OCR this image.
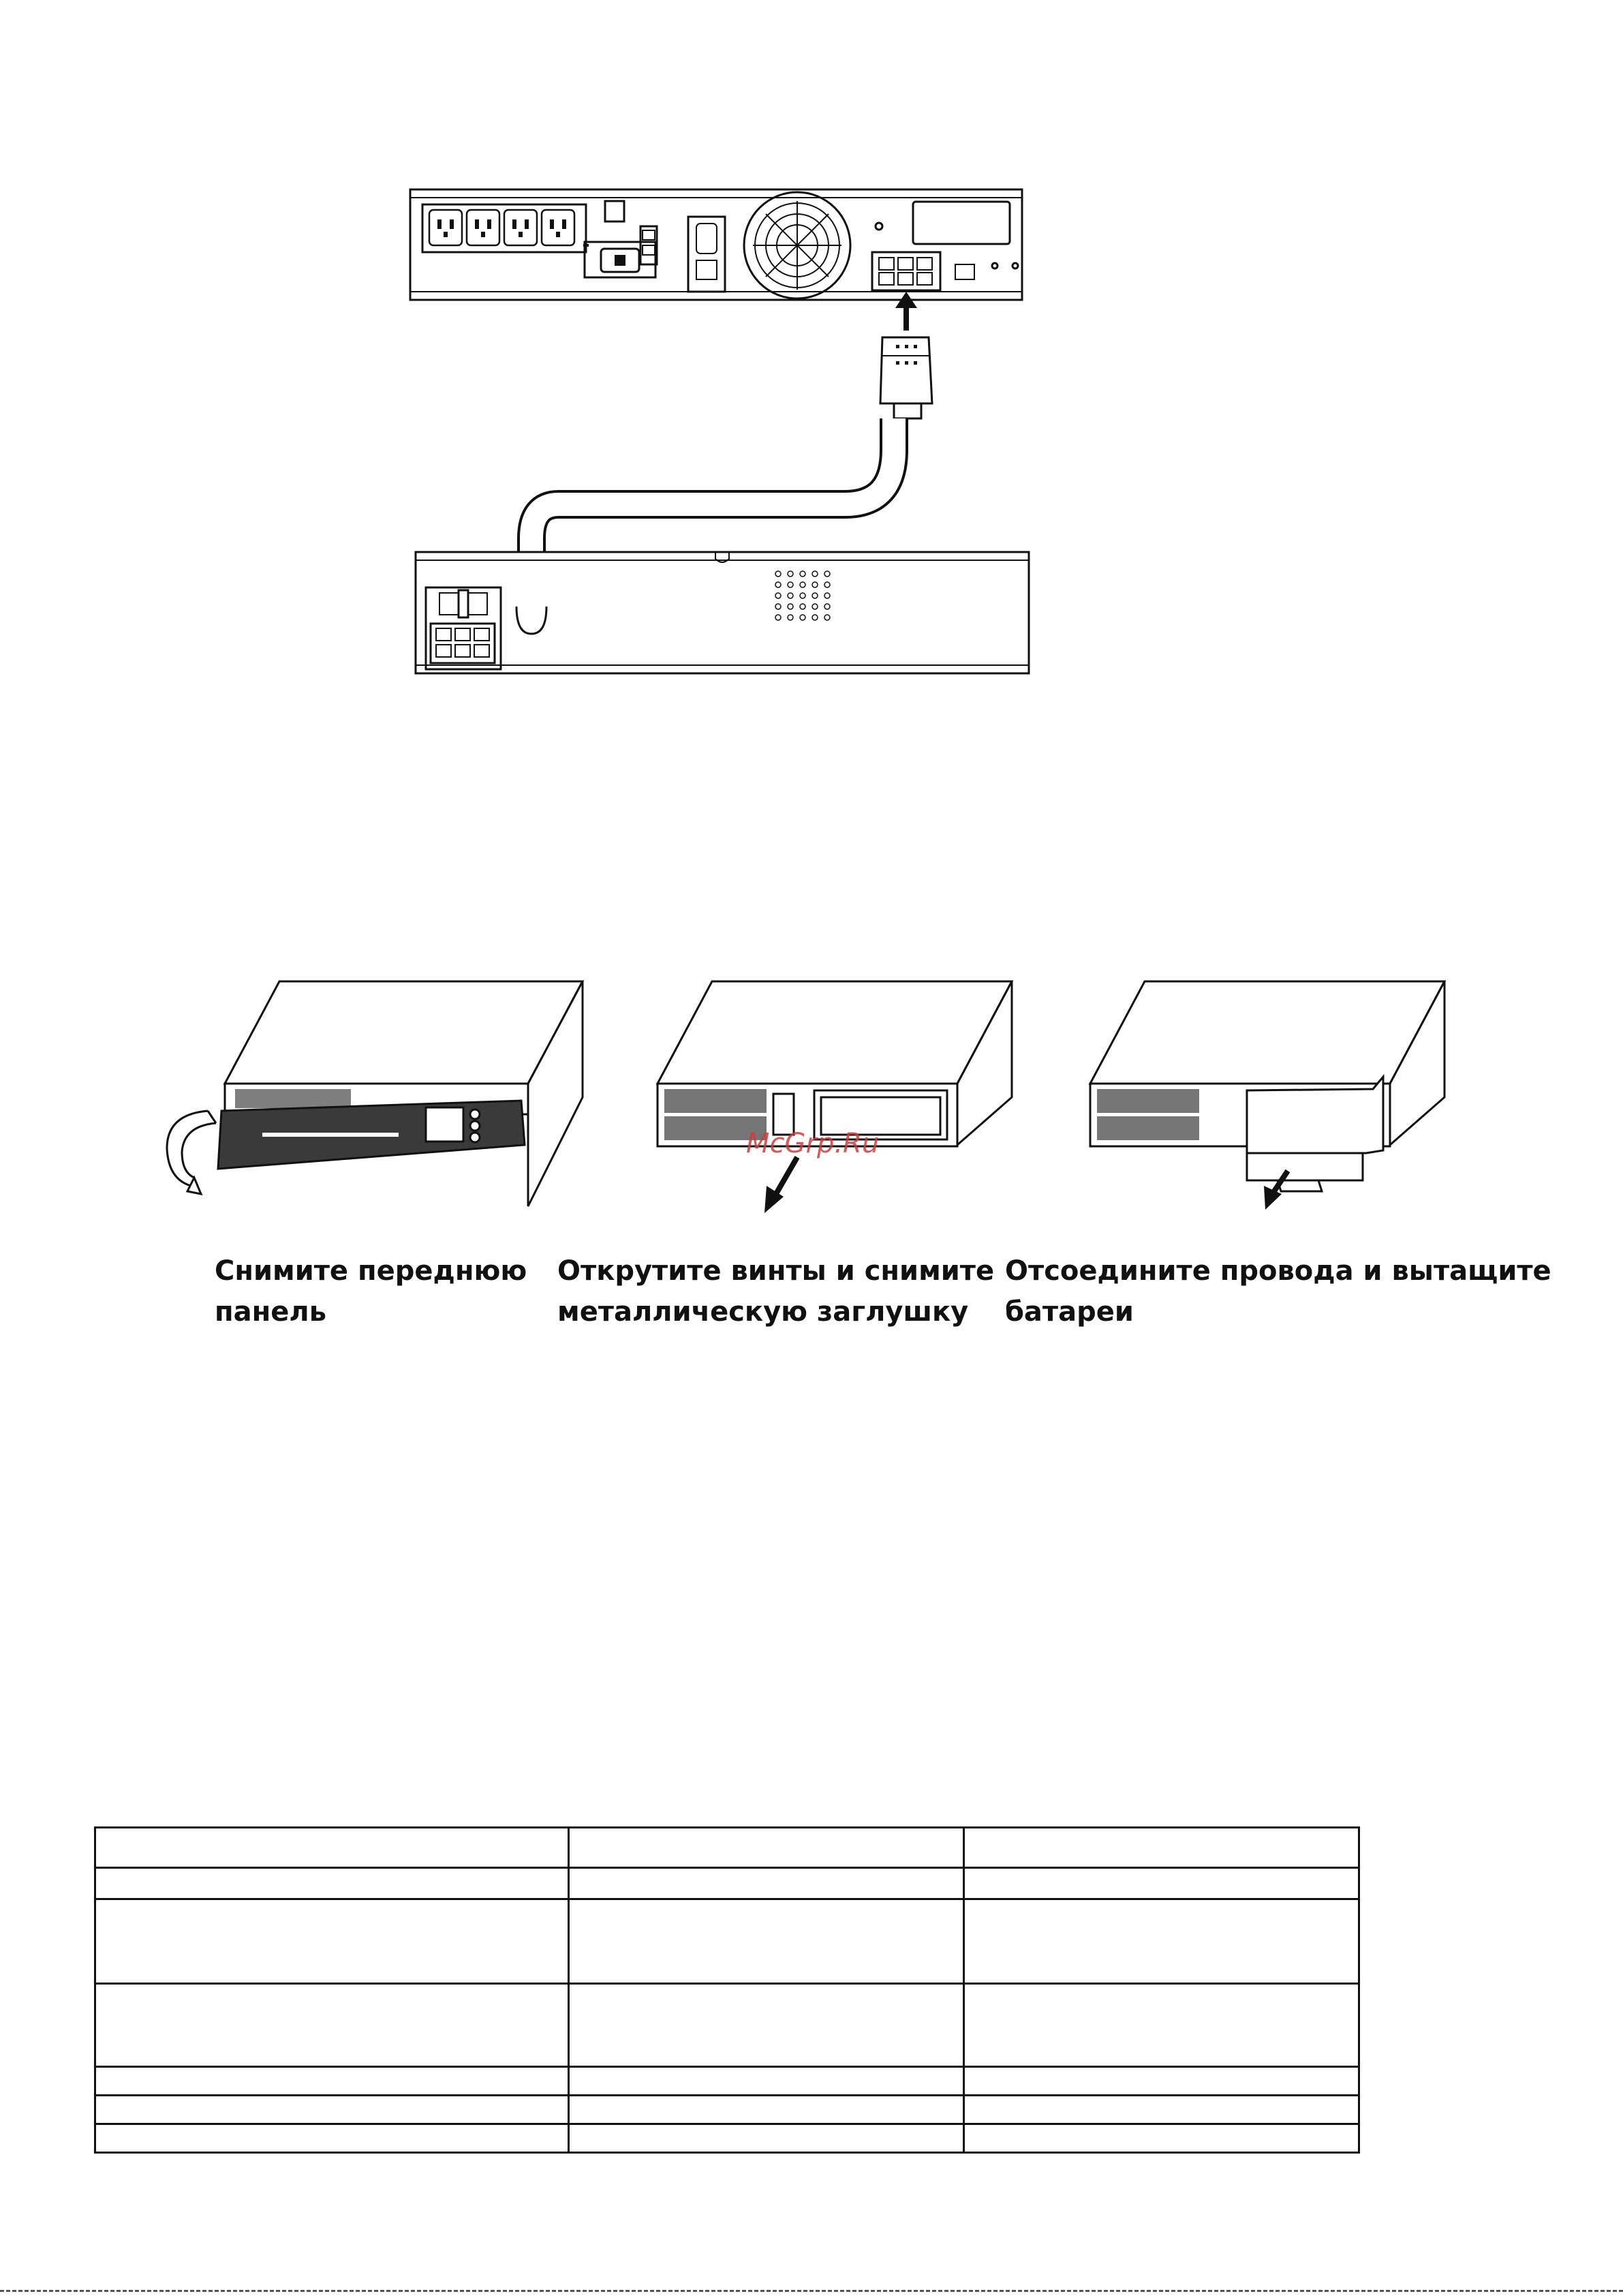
Снимите переднюю
панель
McGrp.Ru
Открутите винты и снимите
металлическую заглушку
Отсоедините провода и вытащите
батареи
